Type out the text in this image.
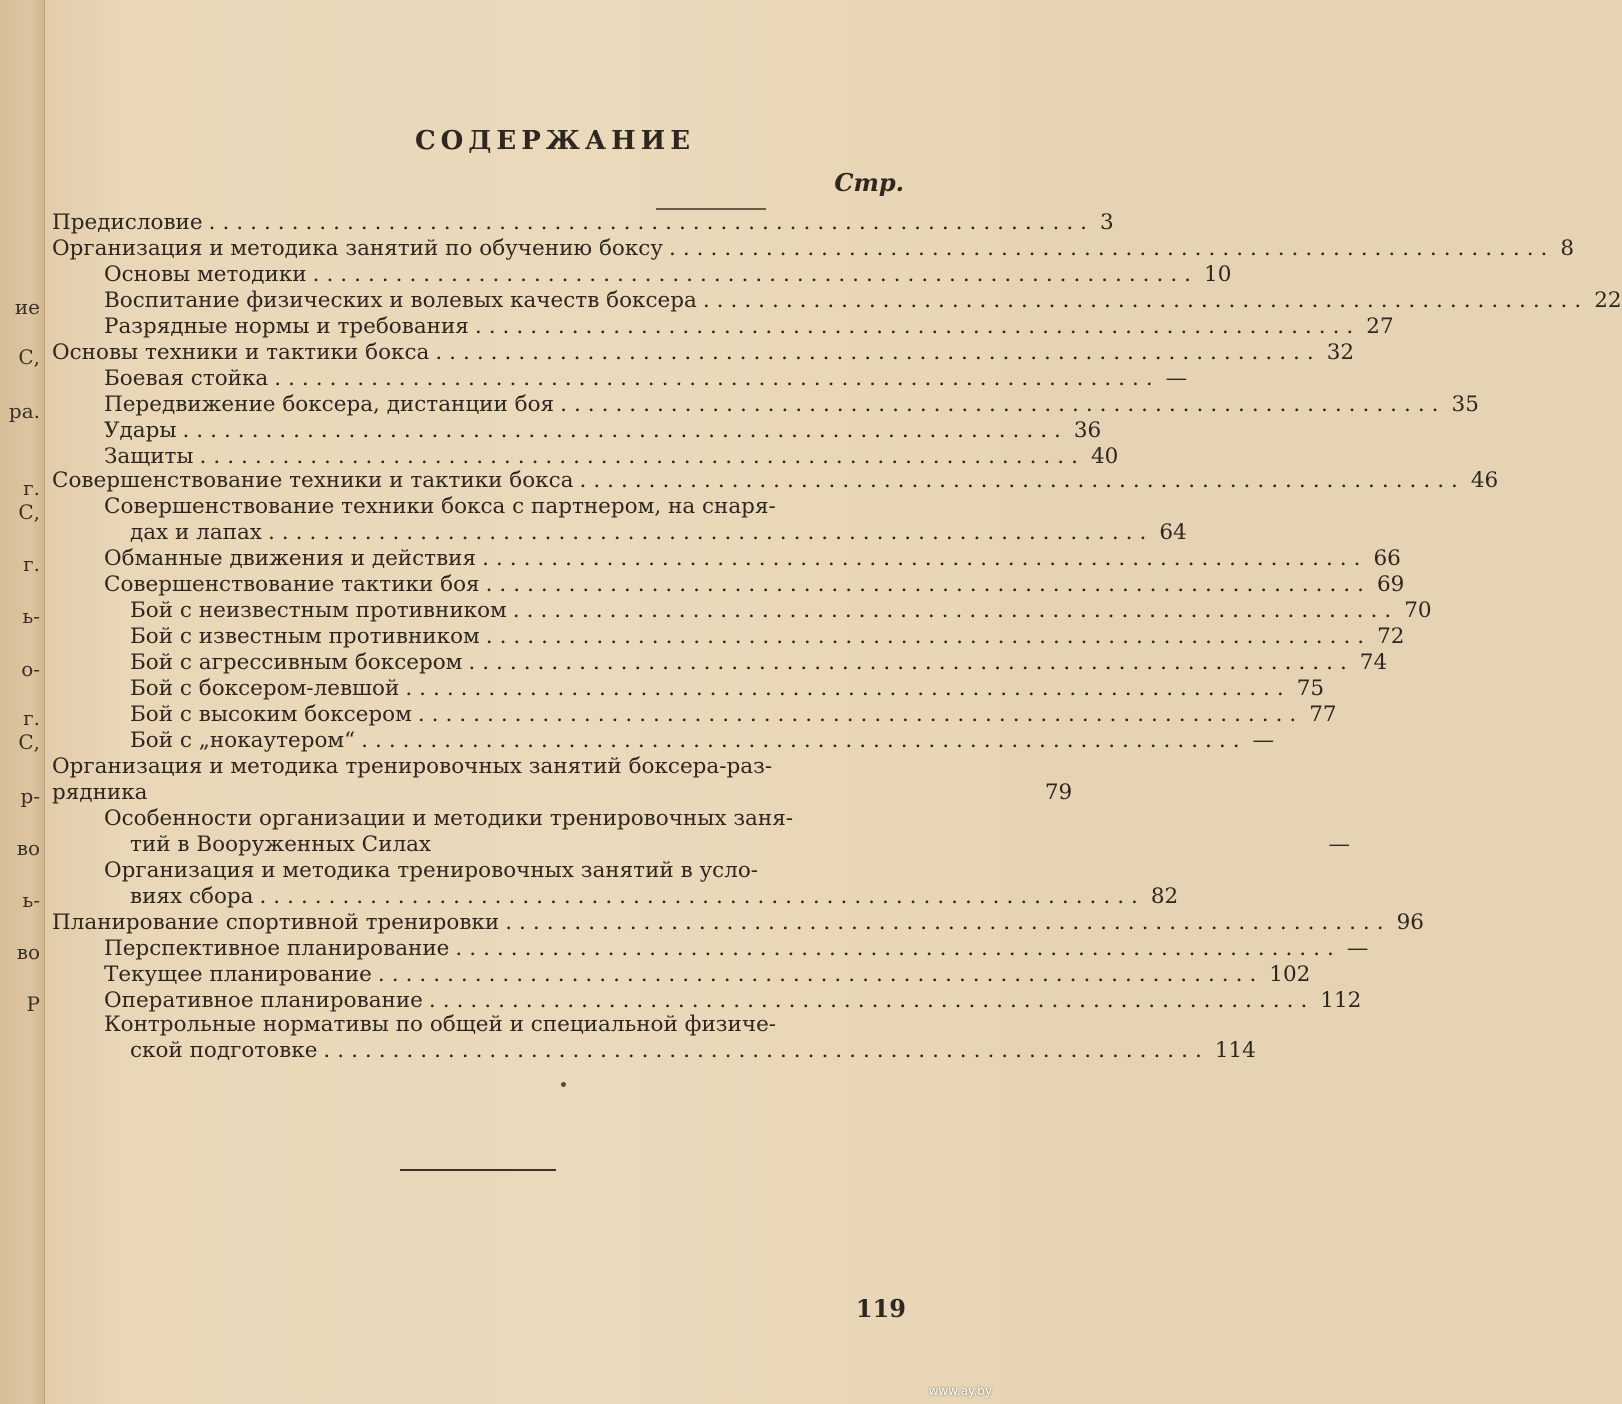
ие
С,
ра.
г.
С,
г.
ь-
о-
г.
С,
р-
во
ь-
во
Р
СОДЕРЖАНИЕ
Стр.
Предисловие ................................................................ 3
Организация и методика занятий по обучению боксу ................................................................ 8
Основы методики ................................................................ 10
Воспитание физических и волевых качеств боксера ................................................................ 22
Разрядные нормы и требования ................................................................ 27
Основы техники и тактики бокса ................................................................ 32
Боевая стойка ................................................................ —
Передвижение боксера, дистанции боя ................................................................ 35
Удары ................................................................ 36
Защиты ................................................................ 40
Совершенствование техники и тактики бокса ................................................................ 46
Совершенствование техники бокса с партнером, на снаря-
дах и лапах ................................................................ 64
Обманные движения и действия ................................................................ 66
Совершенствование тактики боя ................................................................ 69
Бой с неизвестным противником ................................................................ 70
Бой с известным противником ................................................................ 72
Бой с агрессивным боксером ................................................................ 74
Бой с боксером-левшой ................................................................ 75
Бой с высоким боксером ................................................................ 77
Бой с „нокаутером“ ................................................................ —
Организация и методика тренировочных занятий боксера-раз-
рядника	79
Особенности организации и методики тренировочных заня-
тий в Вооруженных Силах	—
Организация и методика тренировочных занятий в усло-
виях сбора ................................................................ 82
Планирование спортивной тренировки ................................................................ 96
Перспективное планирование ................................................................ —
Текущее планирование ................................................................ 102
Оперативное планирование ................................................................ 112
Контрольные нормативы по общей и специальной физиче-
ской подготовке ................................................................ 114
119
www.ay.by
